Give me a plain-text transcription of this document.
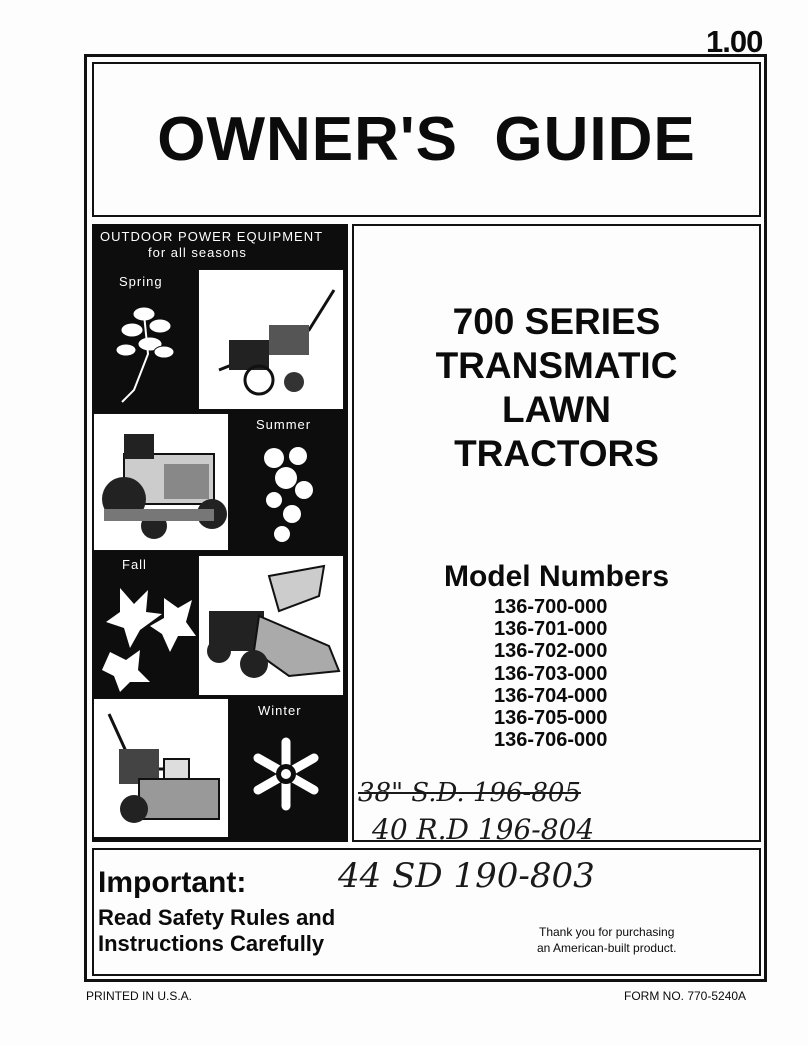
1.00
OWNER'S  GUIDE
OUTDOOR POWER EQUIPMENT
for all seasons
Spring
Summer
Fall
Winter
700 SERIES
TRANSMATIC
LAWN
TRACTORS
Model Numbers
136-700-000
136-701-000
136-702-000
136-703-000
136-704-000
136-705-000
136-706-000
38" S.D. 196-805
40 R.D 196-804
44 SD 190-803
Important:
Read Safety Rules and
Instructions Carefully	Thank you for purchasing
an American-built product.
PRINTED IN U.S.A.	FORM NO. 770-5240A
